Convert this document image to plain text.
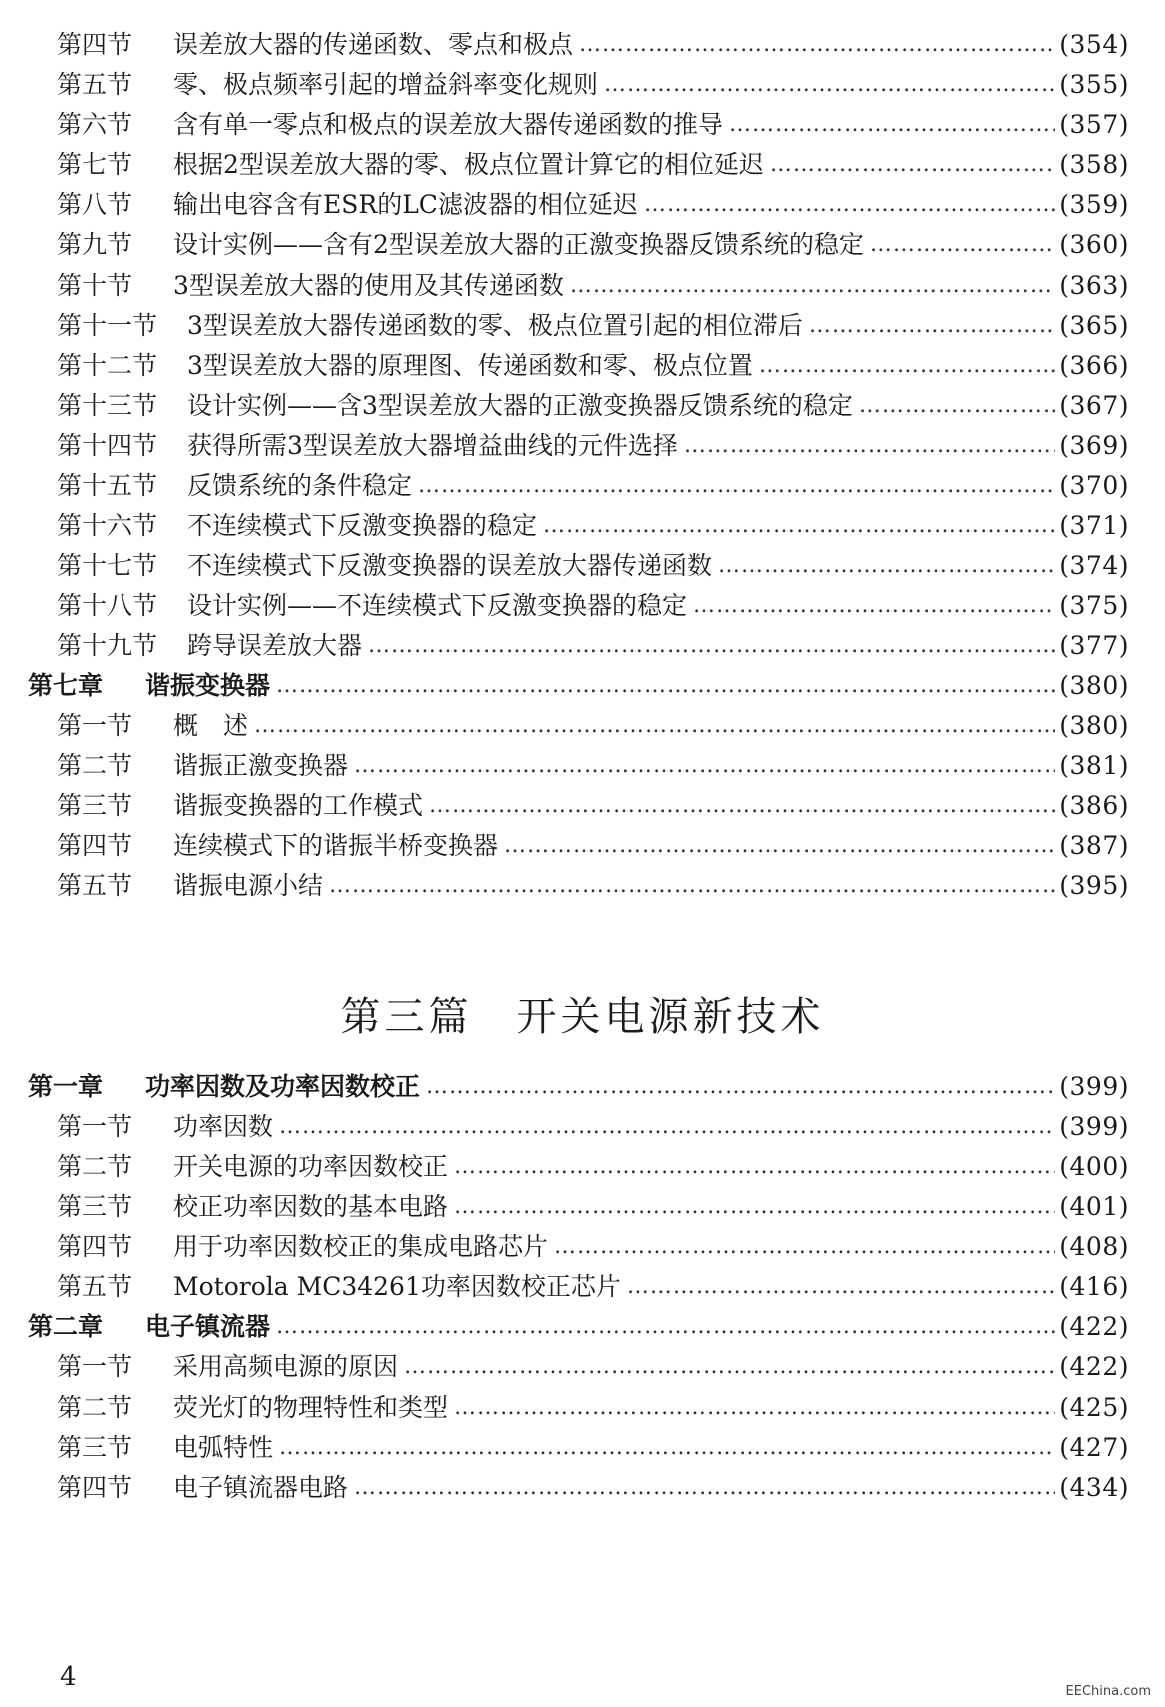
第四节	误差放大器的传递函数、零点和极点 …………………………………………………………………………………………………………………………………………………………	(354)
第五节	零、极点频率引起的增益斜率变化规则 …………………………………………………………………………………………………………………………………………………………	(355)
第六节	含有单一零点和极点的误差放大器传递函数的推导 …………………………………………………………………………………………………………………………………………………………	(357)
第七节	根据2型误差放大器的零、极点位置计算它的相位延迟 …………………………………………………………………………………………………………………………………………………………	(358)
第八节	输出电容含有ESR的LC滤波器的相位延迟 …………………………………………………………………………………………………………………………………………………………	(359)
第九节	设计实例——含有2型误差放大器的正激变换器反馈系统的稳定 …………………………………………………………………………………………………………………………………………………………	(360)
第十节	3型误差放大器的使用及其传递函数 …………………………………………………………………………………………………………………………………………………………	(363)
第十一节	3型误差放大器传递函数的零、极点位置引起的相位滞后 …………………………………………………………………………………………………………………………………………………………	(365)
第十二节	3型误差放大器的原理图、传递函数和零、极点位置 …………………………………………………………………………………………………………………………………………………………	(366)
第十三节	设计实例——含3型误差放大器的正激变换器反馈系统的稳定 …………………………………………………………………………………………………………………………………………………………	(367)
第十四节	获得所需3型误差放大器增益曲线的元件选择 …………………………………………………………………………………………………………………………………………………………	(369)
第十五节	反馈系统的条件稳定 …………………………………………………………………………………………………………………………………………………………	(370)
第十六节	不连续模式下反激变换器的稳定 …………………………………………………………………………………………………………………………………………………………	(371)
第十七节	不连续模式下反激变换器的误差放大器传递函数 …………………………………………………………………………………………………………………………………………………………	(374)
第十八节	设计实例——不连续模式下反激变换器的稳定 …………………………………………………………………………………………………………………………………………………………	(375)
第十九节	跨导误差放大器 …………………………………………………………………………………………………………………………………………………………	(377)
第七章	谐振变换器 …………………………………………………………………………………………………………………………………………………………	(380)
第一节	概　述 …………………………………………………………………………………………………………………………………………………………	(380)
第二节	谐振正激变换器 …………………………………………………………………………………………………………………………………………………………	(381)
第三节	谐振变换器的工作模式 …………………………………………………………………………………………………………………………………………………………	(386)
第四节	连续模式下的谐振半桥变换器 …………………………………………………………………………………………………………………………………………………………	(387)
第五节	谐振电源小结 …………………………………………………………………………………………………………………………………………………………	(395)
第三篇　开关电源新技术
第一章	功率因数及功率因数校正 …………………………………………………………………………………………………………………………………………………………	(399)
第一节	功率因数 …………………………………………………………………………………………………………………………………………………………	(399)
第二节	开关电源的功率因数校正 …………………………………………………………………………………………………………………………………………………………	(400)
第三节	校正功率因数的基本电路 …………………………………………………………………………………………………………………………………………………………	(401)
第四节	用于功率因数校正的集成电路芯片 …………………………………………………………………………………………………………………………………………………………	(408)
第五节	Motorola MC34261功率因数校正芯片 …………………………………………………………………………………………………………………………………………………………	(416)
第二章	电子镇流器 …………………………………………………………………………………………………………………………………………………………	(422)
第一节	采用高频电源的原因 …………………………………………………………………………………………………………………………………………………………	(422)
第二节	荧光灯的物理特性和类型 …………………………………………………………………………………………………………………………………………………………	(425)
第三节	电弧特性 …………………………………………………………………………………………………………………………………………………………	(427)
第四节	电子镇流器电路 …………………………………………………………………………………………………………………………………………………………	(434)
4	EEChina.com
